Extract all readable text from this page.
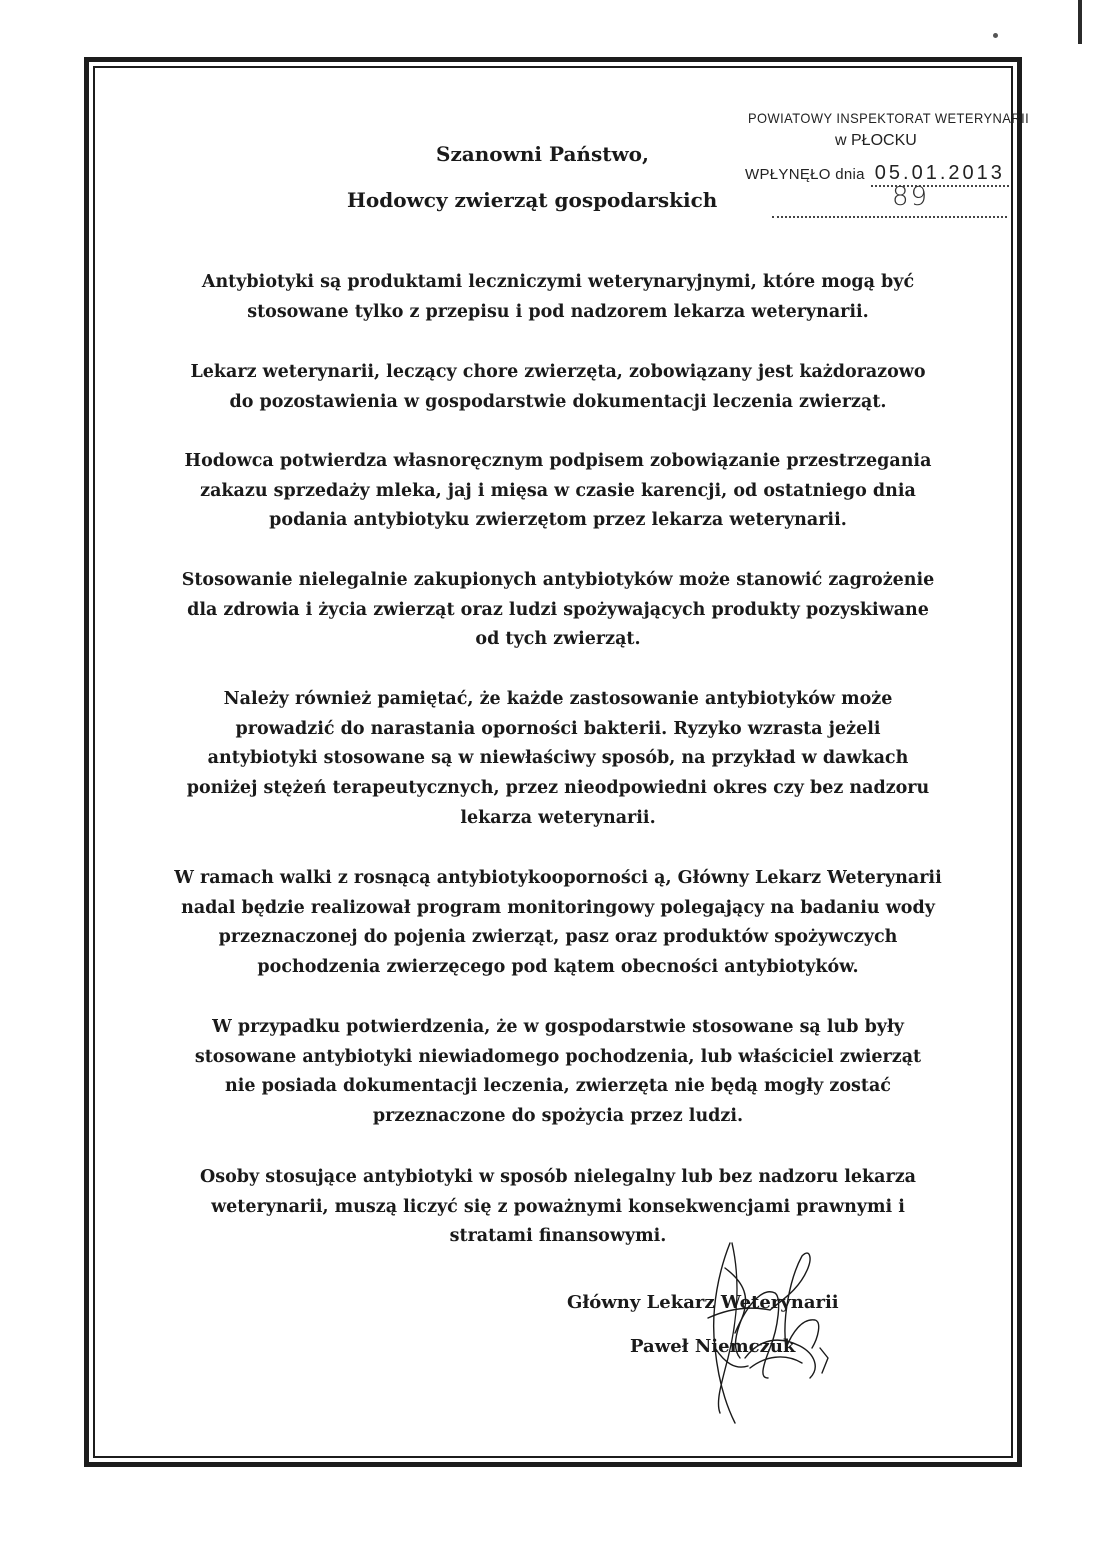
POWIATOWY INSPEKTORAT WETERYNARII
w PŁOCKU
WPŁYNĘŁO dnia 05.01.2013
89
Szanowni Państwo,
Hodowcy zwierząt gospodarskich
Antybiotyki są produktami leczniczymi weterynaryjnymi, które mogą być
stosowane tylko z przepisu i pod nadzorem lekarza weterynarii.
Lekarz weterynarii, leczący chore zwierzęta, zobowiązany jest każdorazowo
do pozostawienia w gospodarstwie dokumentacji leczenia zwierząt.
Hodowca potwierdza własnoręcznym podpisem zobowiązanie przestrzegania
zakazu sprzedaży mleka, jaj i mięsa w czasie karencji, od ostatniego dnia
podania antybiotyku zwierzętom przez lekarza weterynarii.
Stosowanie nielegalnie zakupionych antybiotyków może stanowić zagrożenie
dla zdrowia i życia zwierząt oraz ludzi spożywających produkty pozyskiwane
od tych zwierząt.
Należy również pamiętać, że każde zastosowanie antybiotyków może
prowadzić do narastania oporności bakterii. Ryzyko wzrasta jeżeli
antybiotyki stosowane są w niewłaściwy sposób, na przykład w dawkach
poniżej stężeń terapeutycznych, przez nieodpowiedni okres czy bez nadzoru
lekarza weterynarii.
W ramach walki z rosnącą antybiotykooporności ą, Główny Lekarz Weterynarii
nadal będzie realizował program monitoringowy polegający na badaniu wody
przeznaczonej do pojenia zwierząt, pasz oraz produktów spożywczych
pochodzenia zwierzęcego pod kątem obecności antybiotyków.
W przypadku potwierdzenia, że w gospodarstwie stosowane są lub były
stosowane antybiotyki niewiadomego pochodzenia, lub właściciel zwierząt
nie posiada dokumentacji leczenia, zwierzęta nie będą mogły zostać
przeznaczone do spożycia przez ludzi.
Osoby stosujące antybiotyki w sposób nielegalny lub bez nadzoru lekarza
weterynarii, muszą liczyć się z poważnymi konsekwencjami prawnymi i
stratami finansowymi.
Główny Lekarz Weterynarii
Paweł Niemczuk
